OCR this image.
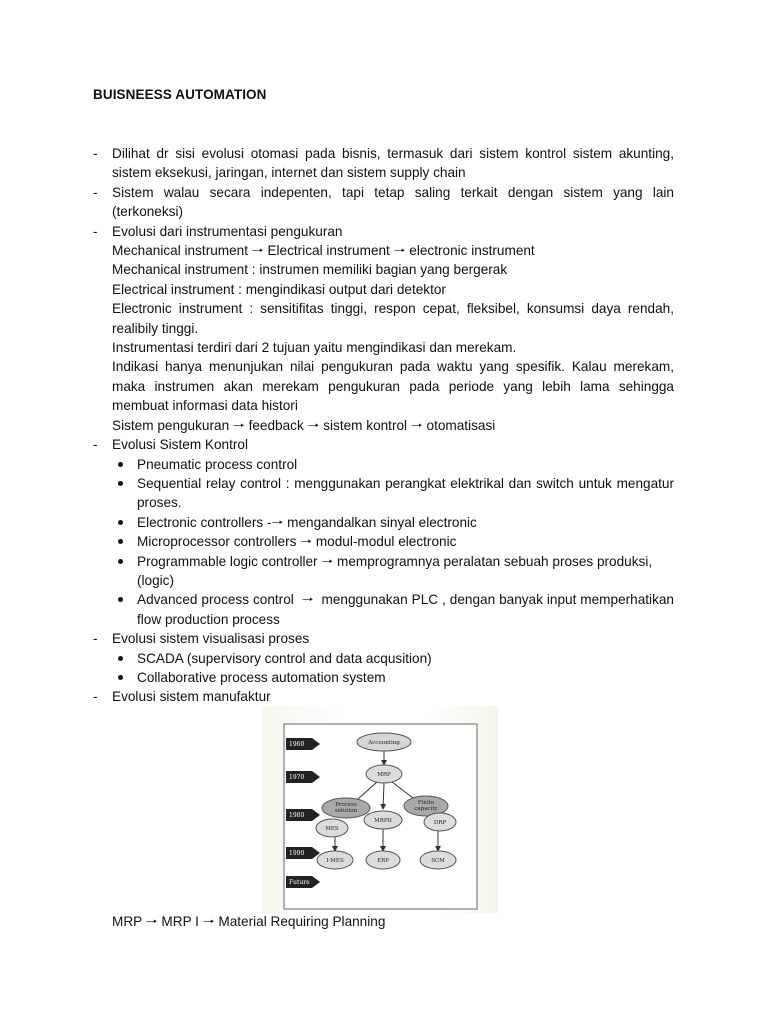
BUISNEESS AUTOMATION
- Dilihat dr sisi evolusi otomasi pada bisnis, termasuk dari sistem kontrol sistem akunting, sistem eksekusi, jaringan, internet dan sistem supply chain

- Sistem walau secara indepenten, tapi tetap saling terkait dengan sistem yang lain (terkoneksi)

- Evolusi dari instrumentasi pengukuran

Mechanical instrument 🠒 Electrical instrument 🠒 electronic instrument

Mechanical instrument : instrumen memiliki bagian yang bergerak

Electrical instrument : mengindikasi output dari detektor

Electronic instrument : sensitifitas tinggi, respon cepat, fleksibel, konsumsi daya rendah, realibily tinggi.

Instrumentasi terdiri dari 2 tujuan yaitu mengindikasi dan merekam.

Indikasi hanya menunjukan nilai pengukuran pada waktu yang spesifik. Kalau merekam, maka instrumen akan merekam pengukuran pada periode yang lebih lama sehingga membuat informasi data histori

Sistem pengukuran 🠒 feedback 🠒 sistem kontrol 🠒 otomatisasi

- Evolusi Sistem Kontrol

Pneumatic process control
Sequential relay control : menggunakan perangkat elektrikal dan switch untuk mengatur proses.
Electronic controllers -🠒 mengandalkan sinyal electronic
Microprocessor controllers 🠒 modul-modul electronic
Programmable logic controller 🠒 memprogramnya peralatan sebuah proses produksi, (logic)
Advanced process control 🠒 menggunakan PLC , dengan banyak input memperhatikan flow production process
- Evolusi sistem visualisasi proses

SCADA (supervisory control and data acqusition)
Collaborative process automation system
- Evolusi sistem manufaktur

1960
1970
1980
1990
Future
Accounting
MRP
Process
solution
MRPII
Finite
capacity
MES
DRP
I-MES	ERP	SCM
MRP 🠒 MRP I 🠒 Material Requiring Planning
